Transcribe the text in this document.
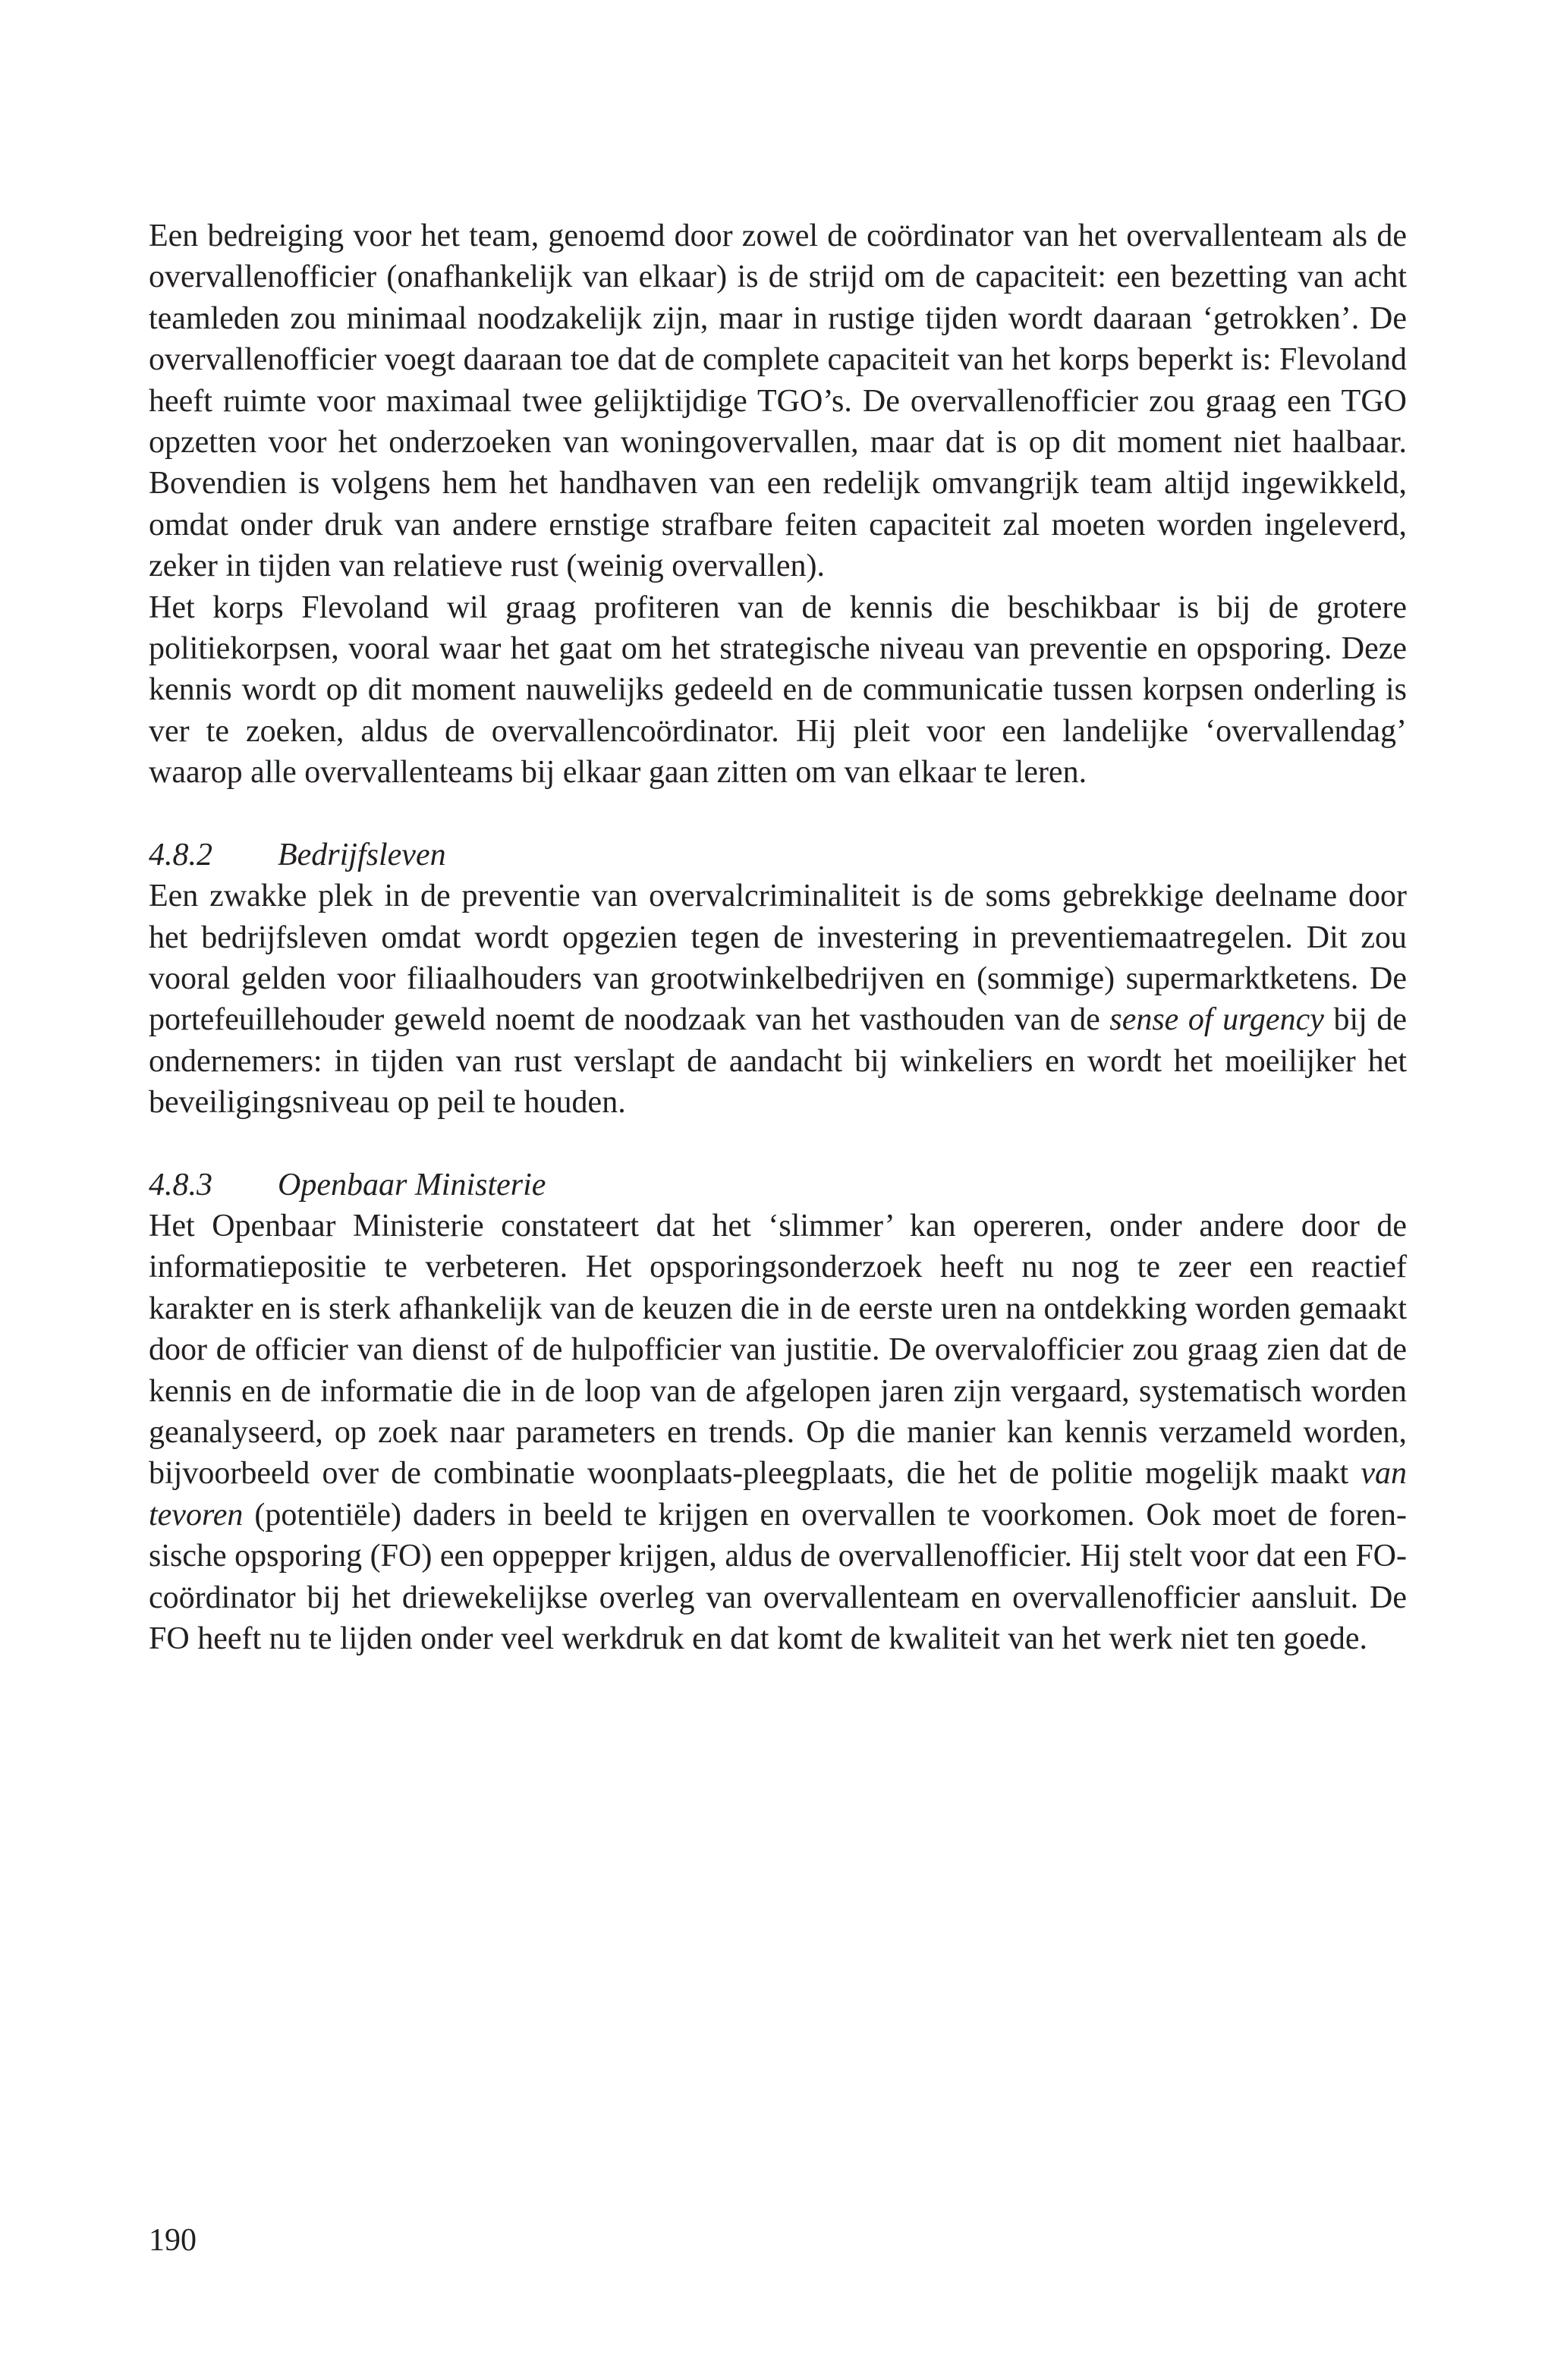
Een bedreiging voor het team, genoemd door zowel de coördinator van het overvallenteam als de overvallenofficier (onafhankelijk van elkaar) is de strijd om de capaciteit: een bezetting van acht teamleden zou minimaal noodzakelijk zijn, maar in rustige tijden wordt daaraan ‘getrokken’. De overvallenofficier voegt daaraan toe dat de complete capaciteit van het korps beperkt is: Flevoland heeft ruimte voor maximaal twee gelijktijdige TGO’s. De overvallenofficier zou graag een TGO opzetten voor het onderzoeken van woningovervallen, maar dat is op dit moment niet haalbaar. Bovendien is volgens hem het handhaven van een redelijk omvangrijk team altijd ingewikkeld, omdat onder druk van andere ernstige strafbare feiten capaciteit zal moeten worden ingeleverd, zeker in tijden van relatieve rust (weinig overvallen).

Het korps Flevoland wil graag profiteren van de kennis die beschikbaar is bij de grotere politiekorpsen, vooral waar het gaat om het strategische niveau van preventie en opsporing. Deze kennis wordt op dit moment nauwelijks gedeeld en de communicatie tussen korpsen onderling is ver te zoeken, aldus de overvallencoördinator. Hij pleit voor een landelijke ‘overvallendag’ waarop alle overvallenteams bij elkaar gaan zitten om van elkaar te leren.

4.8.2 Bedrijfsleven

Een zwakke plek in de preventie van overvalcriminaliteit is de soms gebrekkige deelname door het bedrijfsleven omdat wordt opgezien tegen de investering in preventiemaatregelen. Dit zou vooral gelden voor filiaalhouders van grootwinkelbedrijven en (sommige) supermarktketens. De portefeuillehouder geweld noemt de noodzaak van het vasthouden van de sense of urgency bij de ondernemers: in tijden van rust verslapt de aandacht bij winkeliers en wordt het moeilijker het beveiligingsniveau op peil te houden.

4.8.3 Openbaar Ministerie

Het Openbaar Ministerie constateert dat het ‘slimmer’ kan opereren, onder andere door de informatiepositie te verbeteren. Het opsporingsonderzoek heeft nu nog te zeer een reactief karakter en is sterk afhankelijk van de keuzen die in de eerste uren na ontdekking worden gemaakt door de officier van dienst of de hulpofficier van justitie. De overvalofficier zou graag zien dat de kennis en de informatie die in de loop van de afgelopen jaren zijn vergaard, systematisch worden geanalyseerd, op zoek naar parameters en trends. Op die manier kan kennis verzameld worden, bijvoorbeeld over de combinatie woonplaats-pleegplaats, die het de politie mogelijk maakt van tevoren (potentiële) daders in beeld te krijgen en overvallen te voorkomen. Ook moet de forensische opsporing (FO) een oppepper krijgen, aldus de overvallenofficier. Hij stelt voor dat een FO-coördinator bij het driewekelijkse overleg van overvallenteam en overvallenofficier aansluit. De FO heeft nu te lijden onder veel werkdruk en dat komt de kwaliteit van het werk niet ten goede.

190
